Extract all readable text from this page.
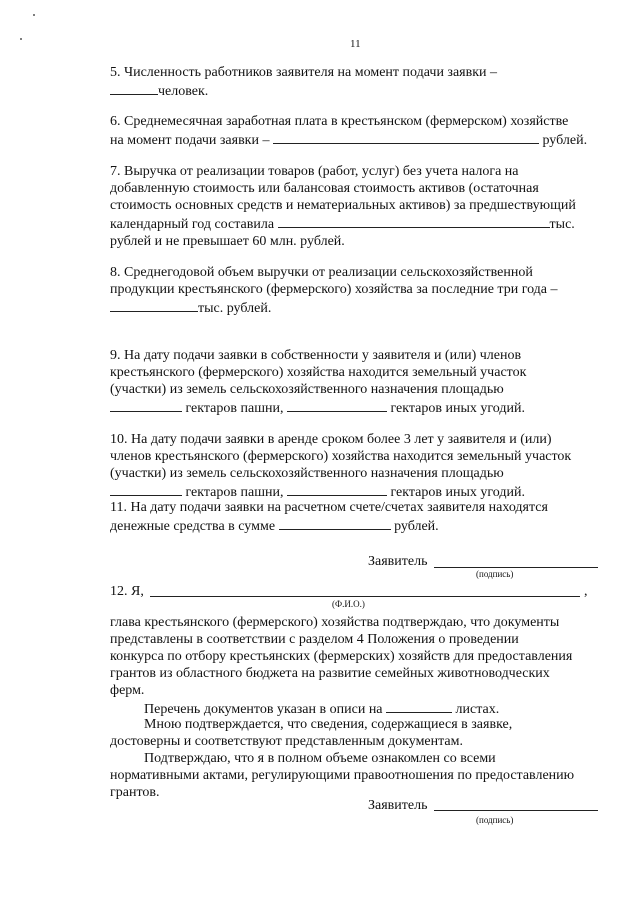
11
5. Численность работников заявителя на момент подачи заявки –
человек.
6. Среднемесячная заработная плата в крестьянском (фермерском) хозяйстве
на момент подачи заявки –	рублей.
7. Выручка от реализации товаров (работ, услуг) без учета налога на
добавленную стоимость или балансовая стоимость активов (остаточная
стоимость основных средств и нематериальных активов) за предшествующий
календарный год составила	тыс.
рублей и не превышает 60 млн. рублей.
8. Среднегодовой объем выручки от реализации сельскохозяйственной
продукции крестьянского (фермерского) хозяйства за последние три года –
тыс. рублей.
9. На дату подачи заявки в собственности у заявителя и (или) членов
крестьянского (фермерского) хозяйства находится земельный участок
(участки) из земель сельскохозяйственного назначения площадью
гектаров пашни,	гектаров иных угодий.
10. На дату подачи заявки в аренде сроком более 3 лет у заявителя и (или)
членов крестьянского (фермерского) хозяйства находится земельный участок
(участки) из земель сельскохозяйственного назначения площадью
гектаров пашни,	гектаров иных угодий.
11. На дату подачи заявки на расчетном счете/счетах заявителя находятся
денежные средства в сумме	рублей.
Заявитель
(подпись)
12. Я,	,
(Ф.И.О.)
глава крестьянского (фермерского) хозяйства подтверждаю, что документы
представлены в соответствии с разделом 4 Положения о проведении
конкурса по отбору крестьянских (фермерских) хозяйств для предоставления
грантов из областного бюджета на развитие семейных животноводческих
ферм.
Перечень документов указан в описи на	листах.
Мною подтверждается, что сведения, содержащиеся в заявке,
достоверны и соответствуют представленным документам.
Подтверждаю, что я в полном объеме ознакомлен со всеми
нормативными актами, регулирующими правоотношения по предоставлению
грантов.
Заявитель
(подпись)
